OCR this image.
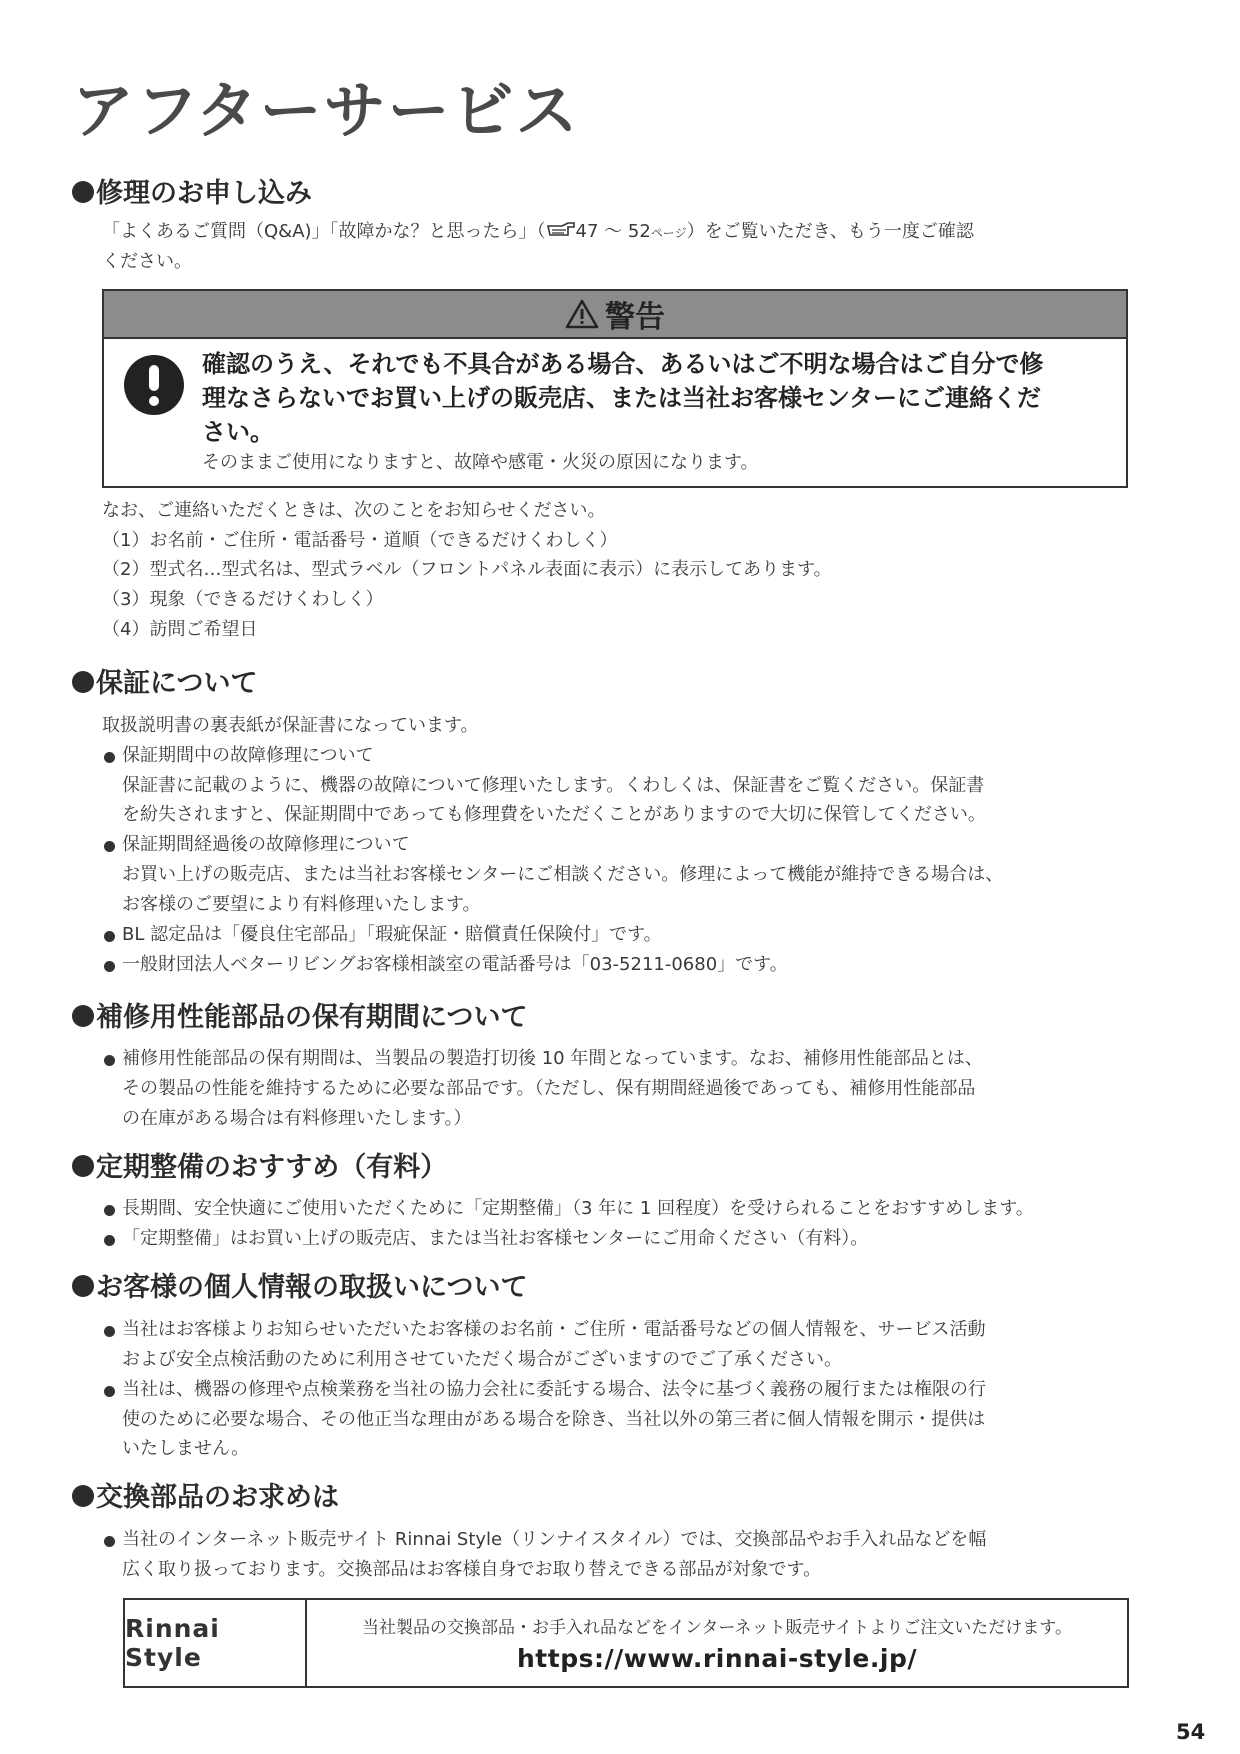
アフターサービス
修理のお申し込み

「よくあるご質問（Q&A)」「故障かな？と思ったら」（ 47 ～ 52ページ）をご覧いただき、もう一度ご確認

ください。

警告

確認のうえ、それでも不具合がある場合、あるいはご不明な場合はご自分で修
理なさらないでお買い上げの販売店、または当社お客様センターにご連絡くだ
さい。

そのままご使用になりますと、故障や感電・火災の原因になります。

なお、ご連絡いただくときは、次のことをお知らせください。

（1）お名前・ご住所・電話番号・道順（できるだけくわしく）

（2）型式名…型式名は、型式ラベル（フロントパネル表面に表示）に表示してあります。

（3）現象（できるだけくわしく）

（4）訪問ご希望日

保証について

取扱説明書の裏表紙が保証書になっています。

保証期間中の故障修理について

保証書に記載のように、機器の故障について修理いたします。くわしくは、保証書をご覧ください。保証書

を紛失されますと、保証期間中であっても修理費をいただくことがありますので大切に保管してください。

保証期間経過後の故障修理について

お買い上げの販売店、または当社お客様センターにご相談ください。修理によって機能が維持できる場合は、

お客様のご要望により有料修理いたします。

BL 認定品は「優良住宅部品」「瑕疵保証・賠償責任保険付」です。

一般財団法人ベターリビングお客様相談室の電話番号は「03-5211-0680」です。

補修用性能部品の保有期間について

補修用性能部品の保有期間は、当製品の製造打切後 10 年間となっています。なお、補修用性能部品とは、

その製品の性能を維持するために必要な部品です。（ただし、保有期間経過後であっても、補修用性能部品

の在庫がある場合は有料修理いたします。）

定期整備のおすすめ（有料）

長期間、安全快適にご使用いただくために「定期整備」（3 年に 1 回程度）を受けられることをおすすめします。

「定期整備」はお買い上げの販売店、または当社お客様センターにご用命ください（有料）。

お客様の個人情報の取扱いについて

当社はお客様よりお知らせいただいたお客様のお名前・ご住所・電話番号などの個人情報を、サービス活動

および安全点検活動のために利用させていただく場合がございますのでご了承ください。

当社は、機器の修理や点検業務を当社の協力会社に委託する場合、法令に基づく義務の履行または権限の行

使のために必要な場合、その他正当な理由がある場合を除き、当社以外の第三者に個人情報を開示・提供は

いたしません。

交換部品のお求めは

当社のインターネット販売サイト Rinnai Style（リンナイスタイル）では、交換部品やお手入れ品などを幅

広く取り扱っております。交換部品はお客様自身でお取り替えできる部品が対象です。

Rinnai Style
当社製品の交換部品・お手入れ品などをインターネット販売サイトよりご注文いただけます。
https://www.rinnai-style.jp/
54
